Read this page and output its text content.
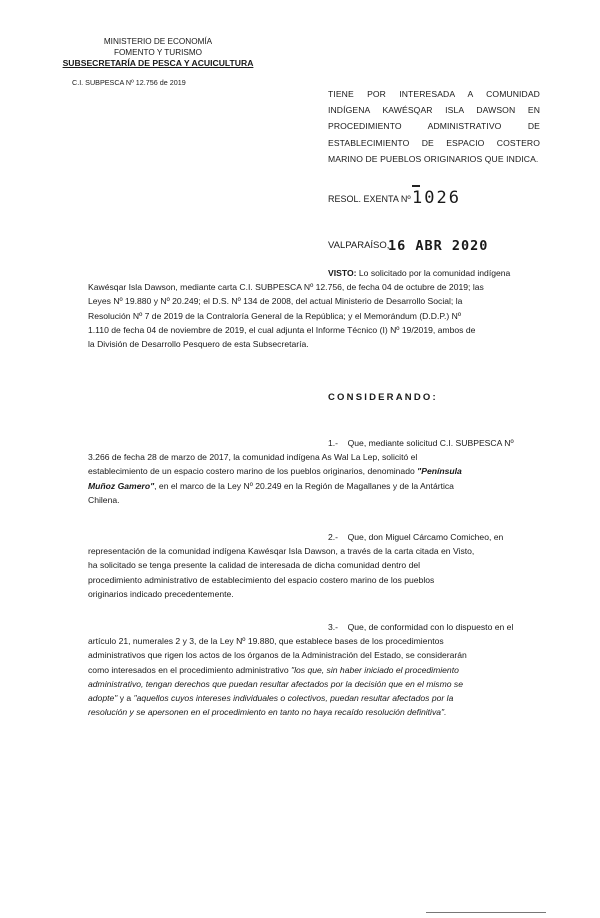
MINISTERIO DE ECONOMÍA
FOMENTO Y TURISMO
SUBSECRETARÍA DE PESCA Y ACUICULTURA
C.I. SUBPESCA Nº 12.756 de 2019
TIENE POR INTERESADA A COMUNIDAD
INDÍGENA KAWÉSQAR ISLA DAWSON EN
PROCEDIMIENTO ADMINISTRATIVO DE
ESTABLECIMIENTO DE ESPACIO COSTERO
MARINO DE PUEBLOS ORIGINARIOS QUE INDICA.
RESOL. EXENTA Nº 1026
VALPARAÍSO,
16 ABR 2020
VISTO: Lo solicitado por la comunidad indígena
Kawésqar Isla Dawson, mediante carta C.I. SUBPESCA Nº 12.756, de fecha 04 de octubre de 2019; las
Leyes Nº 19.880 y Nº 20.249; el D.S. Nº 134 de 2008, del actual Ministerio de Desarrollo Social; la
Resolución Nº 7 de 2019 de la Contraloría General de la República; y el Memorándum (D.D.P.) Nº
1.110 de fecha 04 de noviembre de 2019, el cual adjunta el Informe Técnico (I) Nº 19/2019, ambos de
la División de Desarrollo Pesquero de esta Subsecretaría.
CONSIDERANDO:
1.- Que, mediante solicitud C.I. SUBPESCA Nº
3.266 de fecha 28 de marzo de 2017, la comunidad indígena As Wal La Lep, solicitó el
establecimiento de un espacio costero marino de los pueblos originarios, denominado "Península
Muñoz Gamero", en el marco de la Ley Nº 20.249 en la Región de Magallanes y de la Antártica
Chilena.
2.- Que, don Miguel Cárcamo Comicheo, en
representación de la comunidad indígena Kawésqar Isla Dawson, a través de la carta citada en Visto,
ha solicitado se tenga presente la calidad de interesada de dicha comunidad dentro del
procedimiento administrativo de establecimiento del espacio costero marino de los pueblos
originarios indicado precedentemente.
3.- Que, de conformidad con lo dispuesto en el
artículo 21, numerales 2 y 3, de la Ley Nº 19.880, que establece bases de los procedimientos
administrativos que rigen los actos de los órganos de la Administración del Estado, se considerarán
como interesados en el procedimiento administrativo "los que, sin haber iniciado el procedimiento
administrativo, tengan derechos que puedan resultar afectados por la decisión que en el mismo se
adopte" y a "aquellos cuyos intereses individuales o colectivos, puedan resultar afectados por la
resolución y se apersonen en el procedimiento en tanto no haya recaído resolución definitiva".
